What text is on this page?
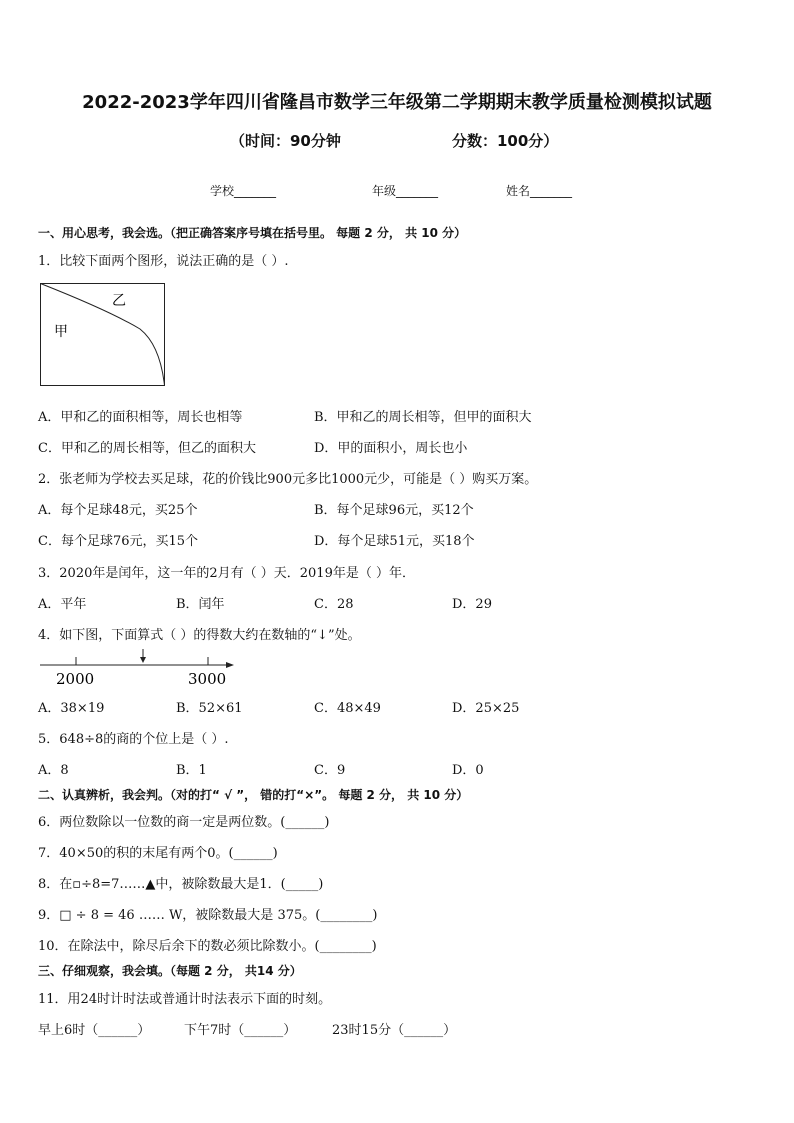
2022-2023学年四川省隆昌市数学三年级第二学期期末教学质量检测模拟试题
（时间：90分钟	分数：100分）
学校_______	年级_______	姓名_______
一、用心思考，我会选。（把正确答案序号填在括号里。 每题 2 分， 共 10 分）
1．比较下面两个图形，说法正确的是（ ）.
乙
甲
A．甲和乙的面积相等，周长也相等	B．甲和乙的周长相等，但甲的面积大
C．甲和乙的周长相等，但乙的面积大	D．甲的面积小，周长也小
2．张老师为学校去买足球，花的价钱比900元多比1000元少，可能是（ ）购买万案。
A．每个足球48元，买25个	B．每个足球96元，买12个
C．每个足球76元，买15个	D．每个足球51元，买18个
3．2020年是闰年，这一年的2月有（ ）天．2019年是（ ）年．
A．平年	B．闰年	C．28	D．29
4．如下图，下面算式（ ）的得数大约在数轴的“↓”处。
2000	3000
A．38×19	B．52×61	C．48×49	D．25×25
5．648÷8的商的个位上是（ ）.
A．8	B．1	C．9	D．0
二、认真辨析，我会判。（对的打“ √ ”， 错的打“×”。 每题 2 分， 共 10 分）
6．两位数除以一位数的商一定是两位数。(______)
7．40×50的积的末尾有两个0。(______)
8．在▫÷8=7……▲中，被除数最大是1．(_____)
9．□ ÷ 8 = 46 …… W，被除数最大是 375。(________)
10．在除法中，除尽后余下的数必须比除数小。(________)
三、仔细观察，我会填。（每题 2 分， 共14 分）
11．用24时计时法或普通计时法表示下面的时刻。
早上6时（______）	下午7时（______）	23时15分（______）
